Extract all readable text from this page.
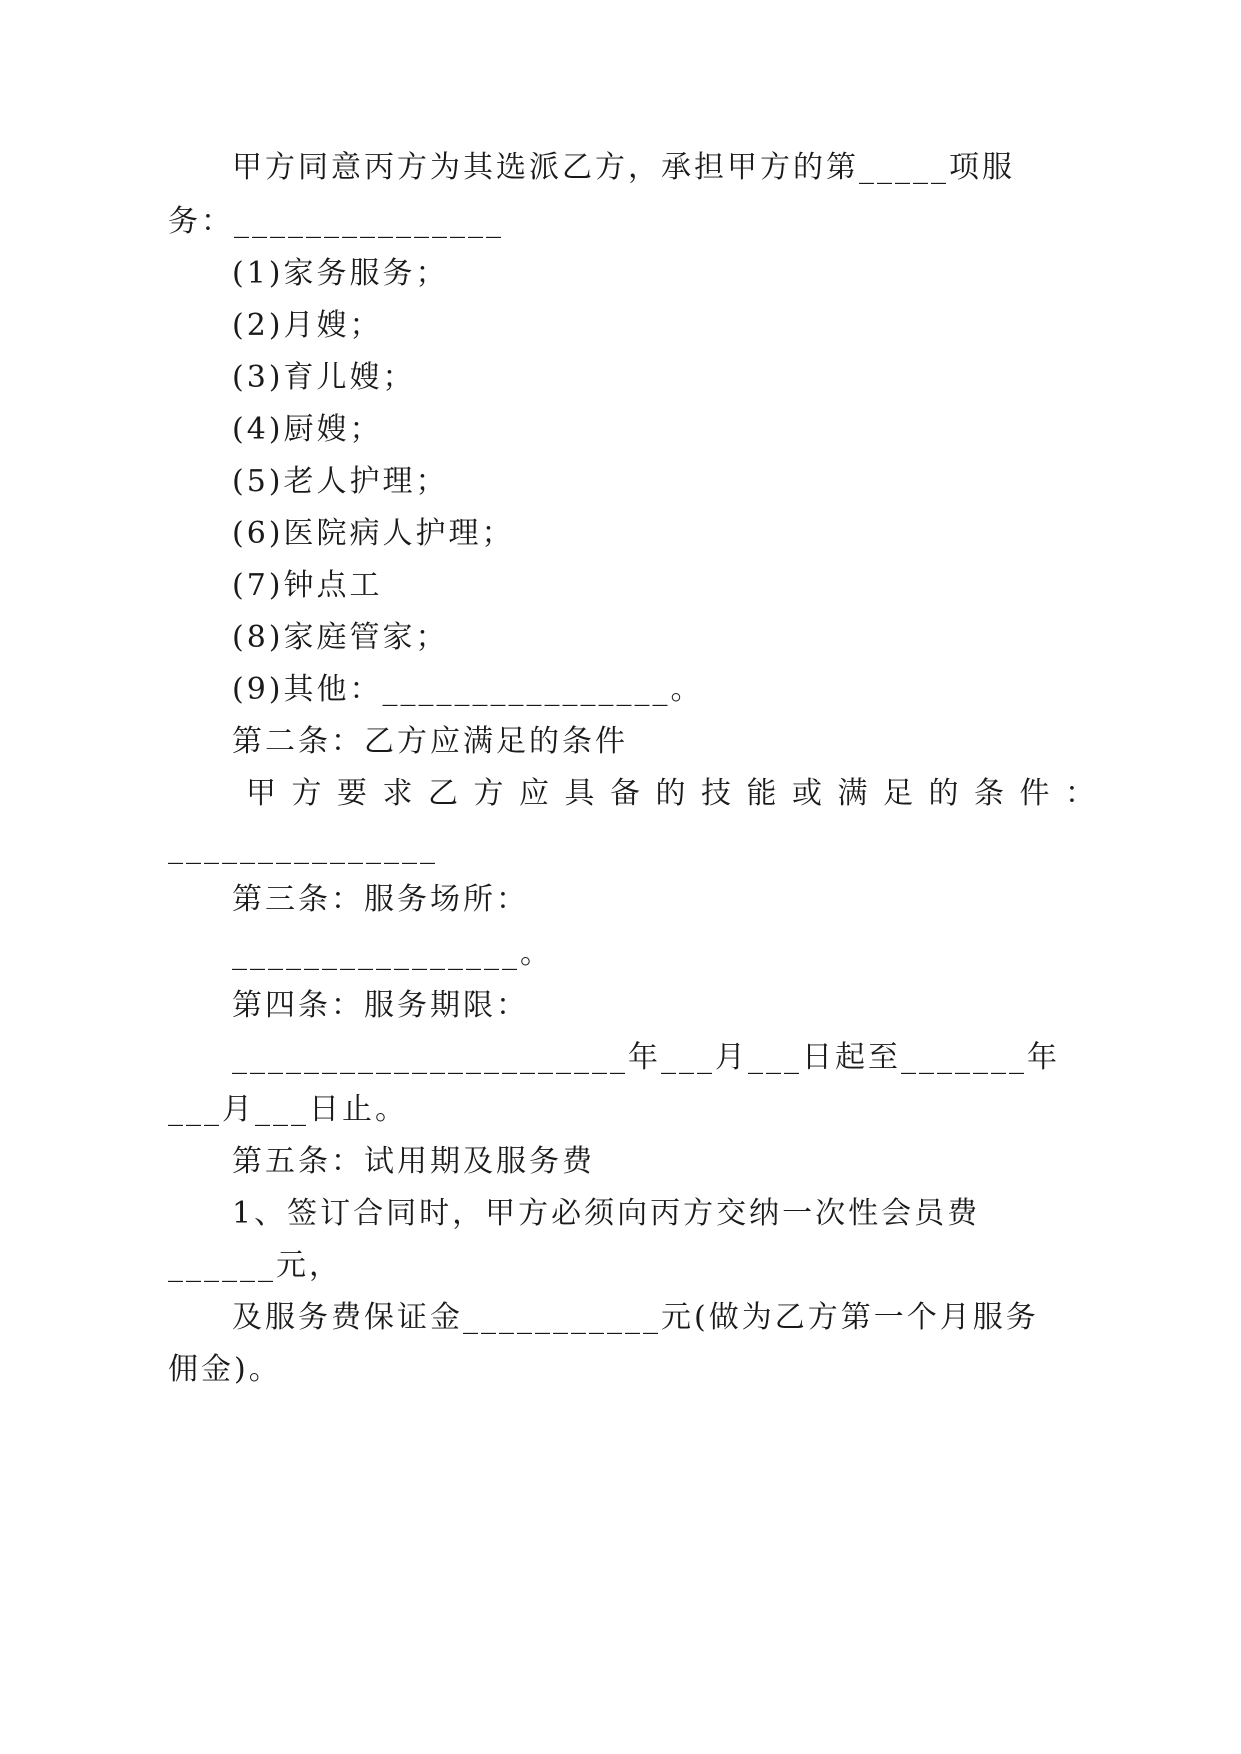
甲方同意丙方为其选派乙方，承担甲方的第_____项服
务：_______________
(1)家务服务；
(2)月嫂；
(3)育儿嫂；
(4)厨嫂；
(5)老人护理；
(6)医院病人护理；
(7)钟点工
(8)家庭管家；
(9)其他：________________。
第二条：乙方应满足的条件
甲方要求乙方应具备的技能或满足的条件：
_______________
第三条：服务场所：
________________。
第四条：服务期限：
______________________年___月___日起至_______年
___月___日止。
第五条：试用期及服务费
1、签订合同时，甲方必须向丙方交纳一次性会员费
______元，
及服务费保证金___________元(做为乙方第一个月服务
佣金)。
